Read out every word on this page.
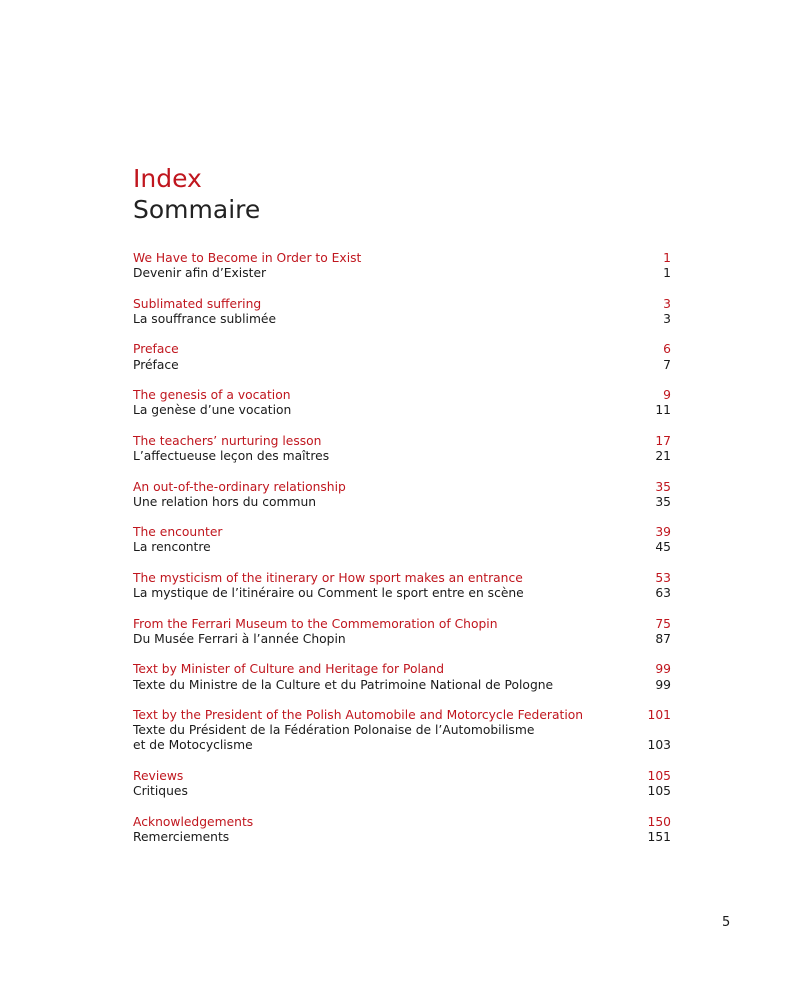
Index
Sommaire
We Have to Become in Order to Exist	1
Devenir afin d’Exister	1
Sublimated suffering	3
La souffrance sublimée	3
Preface	6
Préface	7
The genesis of a vocation	9
La genèse d’une vocation	11
The teachers’ nurturing lesson	17
L’affectueuse leçon des maîtres	21
An out-of-the-ordinary relationship	35
Une relation hors du commun	35
The encounter	39
La rencontre	45
The mysticism of the itinerary or How sport makes an entrance	53
La mystique de l’itinéraire ou Comment le sport entre en scène	63
From the Ferrari Museum to the Commemoration of Chopin	75
Du Musée Ferrari à l’année Chopin	87
Text by Minister of Culture and Heritage for Poland	99
Texte du Ministre de la Culture et du Patrimoine National de Pologne	99
Text by the President of the Polish Automobile and Motorcycle Federation	101
Texte du Président de la Fédération Polonaise de l’Automobilisme
et de Motocyclisme	103
Reviews	105
Critiques	105
Acknowledgements	150
Remerciements	151
5
